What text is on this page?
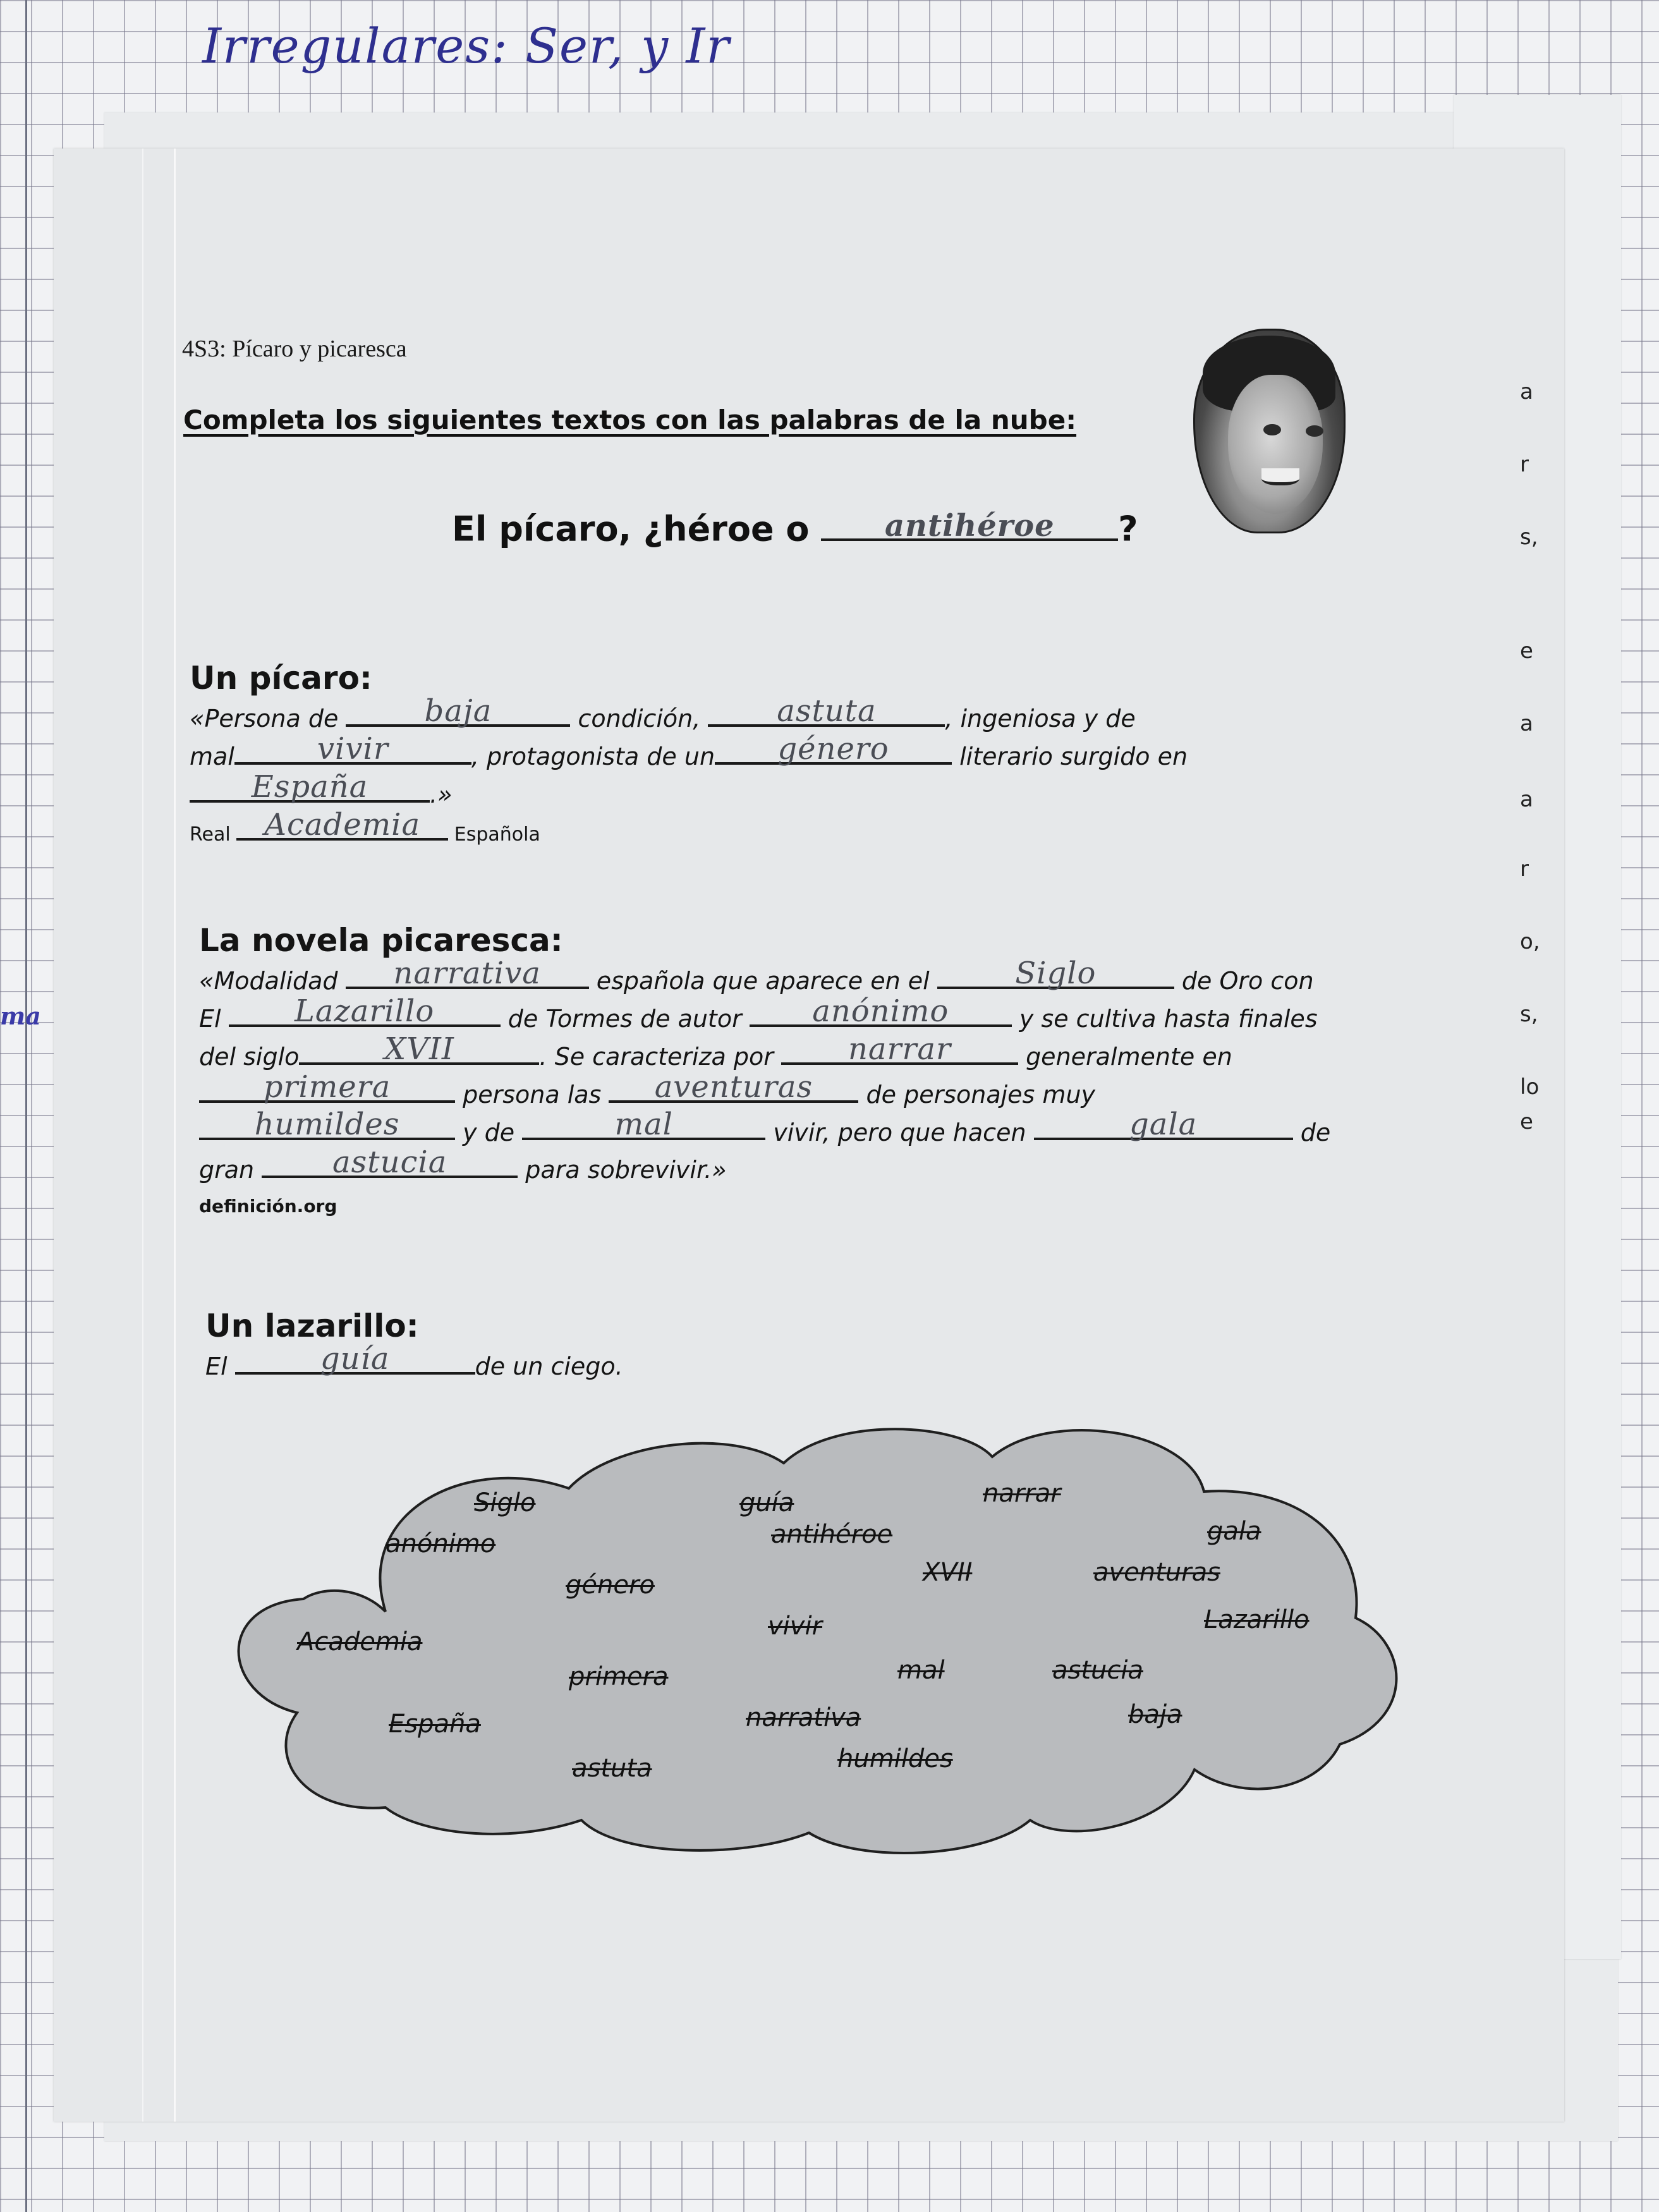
Irregulares: Ser, y Ir
ma
a
r
s,
e
a
a
r
o,
s,
lo
e
4S3: Pícaro y picaresca
Completa los siguientes textos con las palabras de la nube:
El pícaro, ¿héroe o	antihéroe	?
Un pícaro:
«Persona de	baja	condición,	astuta	, ingeniosa y de
mal	vivir	, protagonista de un	género	literario surgido en
España	.»
Real Academia	Española
La novela picaresca:
«Modalidad	narrativa	española que aparece en el	Siglo	de Oro con
El	Lazarillo	de Tormes de autor	anónimo	y se cultiva hasta finales
del siglo	XVII	. Se caracteriza por	narrar	generalmente en
primera	persona las	aventuras	de personajes muy
humildes	y de	mal	vivir, pero que hacen	gala	de
gran	astucia	para sobrevivir.»
definición.org
Un lazarillo:
El	guía	de un ciego.
Siglo	guía	narrar
anónimo	antihéroe	gala
género	XVII	aventuras
Academia
vivir	Lazarillo
primera	mal	astucia
España	narrativa	baja
astuta	humildes
